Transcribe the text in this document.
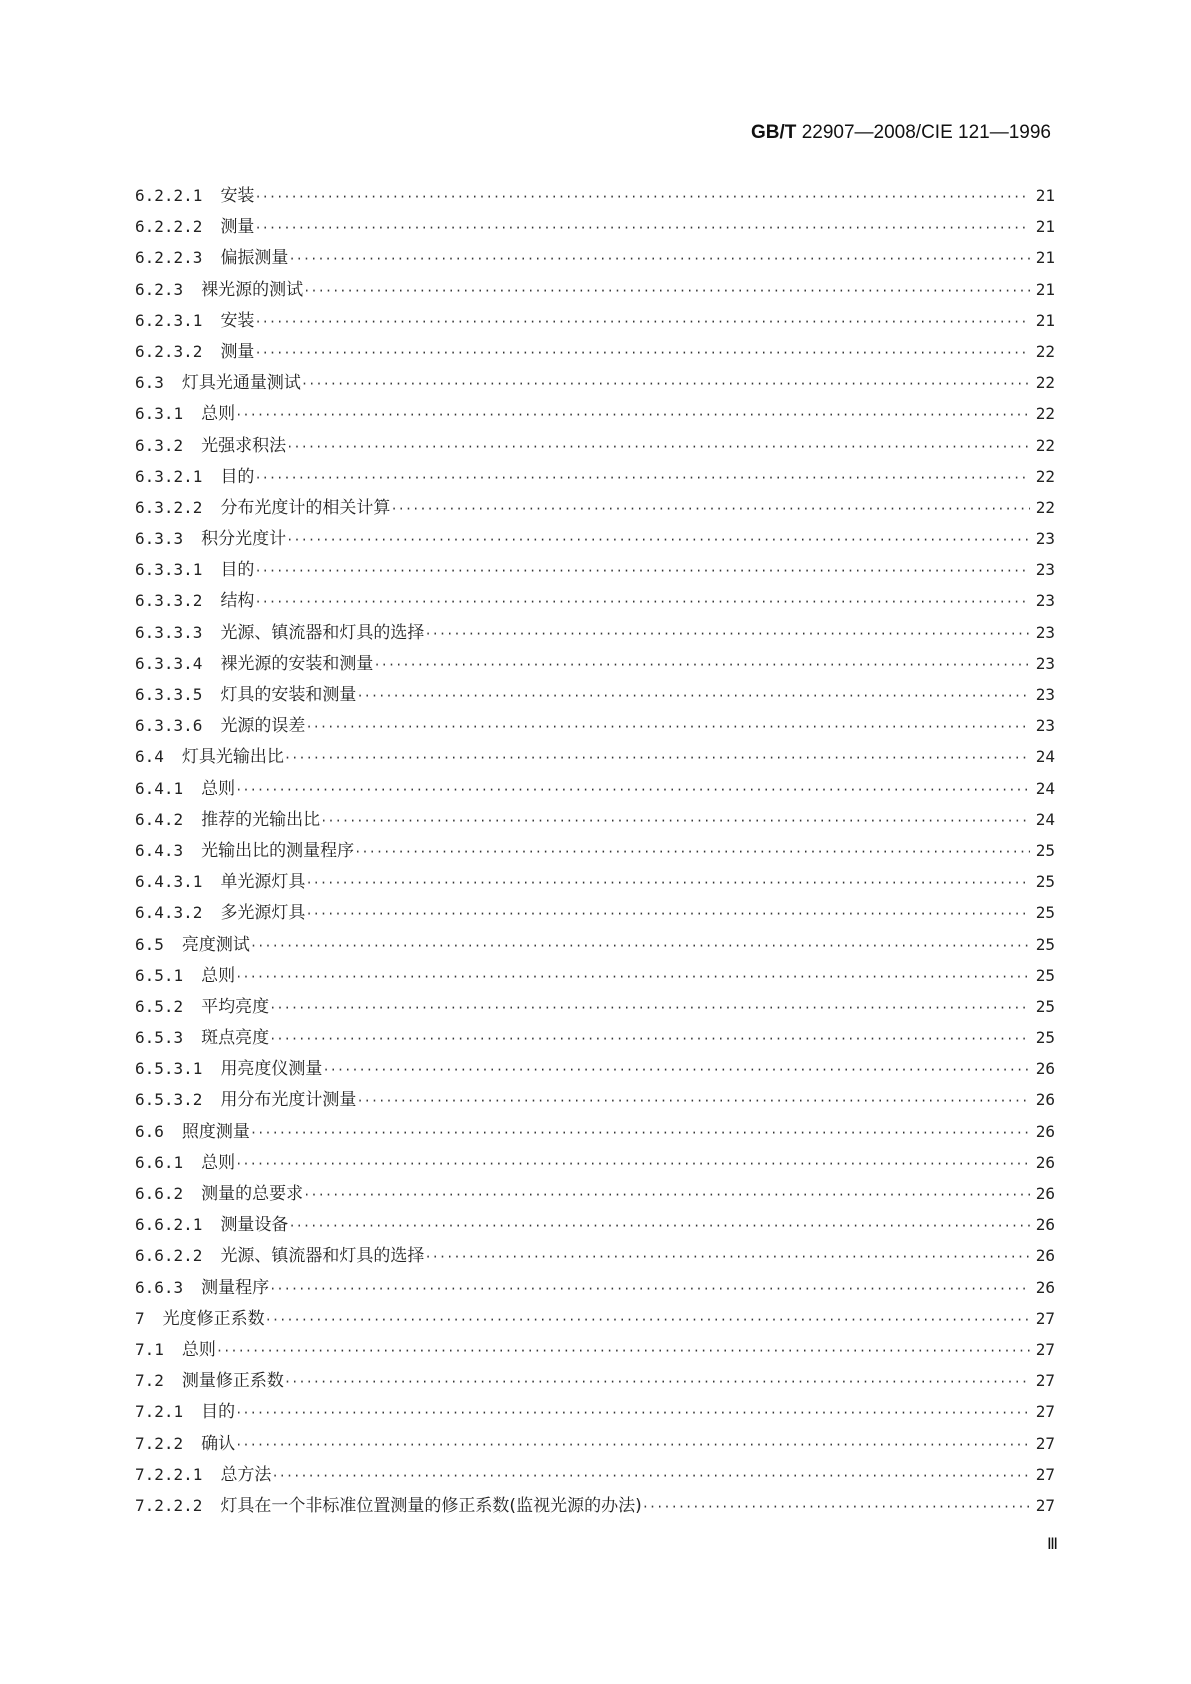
GB/T 22907—2008/CIE 121—1996
6.2.2.1 安装 ·····	21
6.2.2.2 测量 ·····	21
6.2.2.3 偏振测量 ·····	21
6.2.3 裸光源的测试 ·····	21
6.2.3.1 安装 ·····	21
6.2.3.2 测量 ·····	22
6.3 灯具光通量测试 ·····	22
6.3.1 总则 ·····	22
6.3.2 光强求积法 ·····	22
6.3.2.1 目的 ·····	22
6.3.2.2 分布光度计的相关计算 ·····	22
6.3.3 积分光度计 ·····	23
6.3.3.1 目的 ·····	23
6.3.3.2 结构 ·····	23
6.3.3.3 光源、镇流器和灯具的选择 ·····	23
6.3.3.4 裸光源的安装和测量 ·····	23
6.3.3.5 灯具的安装和测量 ·····	23
6.3.3.6 光源的误差 ·····	23
6.4 灯具光输出比 ·····	24
6.4.1 总则 ·····	24
6.4.2 推荐的光输出比 ·····	24
6.4.3 光输出比的测量程序 ·····	25
6.4.3.1 单光源灯具 ·····	25
6.4.3.2 多光源灯具 ·····	25
6.5 亮度测试 ·····	25
6.5.1 总则 ·····	25
6.5.2 平均亮度 ·····	25
6.5.3 斑点亮度 ·····	25
6.5.3.1 用亮度仪测量 ·····	26
6.5.3.2 用分布光度计测量 ·····	26
6.6 照度测量 ·····	26
6.6.1 总则 ·····	26
6.6.2 测量的总要求 ·····	26
6.6.2.1 测量设备 ·····	26
6.6.2.2 光源、镇流器和灯具的选择 ·····	26
6.6.3 测量程序 ·····	26
7 光度修正系数 ·····	27
7.1 总则 ·····	27
7.2 测量修正系数 ·····	27
7.2.1 目的 ·····	27
7.2.2 确认 ·····	27
7.2.2.1 总方法 ·····	27
7.2.2.2 灯具在一个非标准位置测量的修正系数(监视光源的办法) ·····	27
Ⅲ
